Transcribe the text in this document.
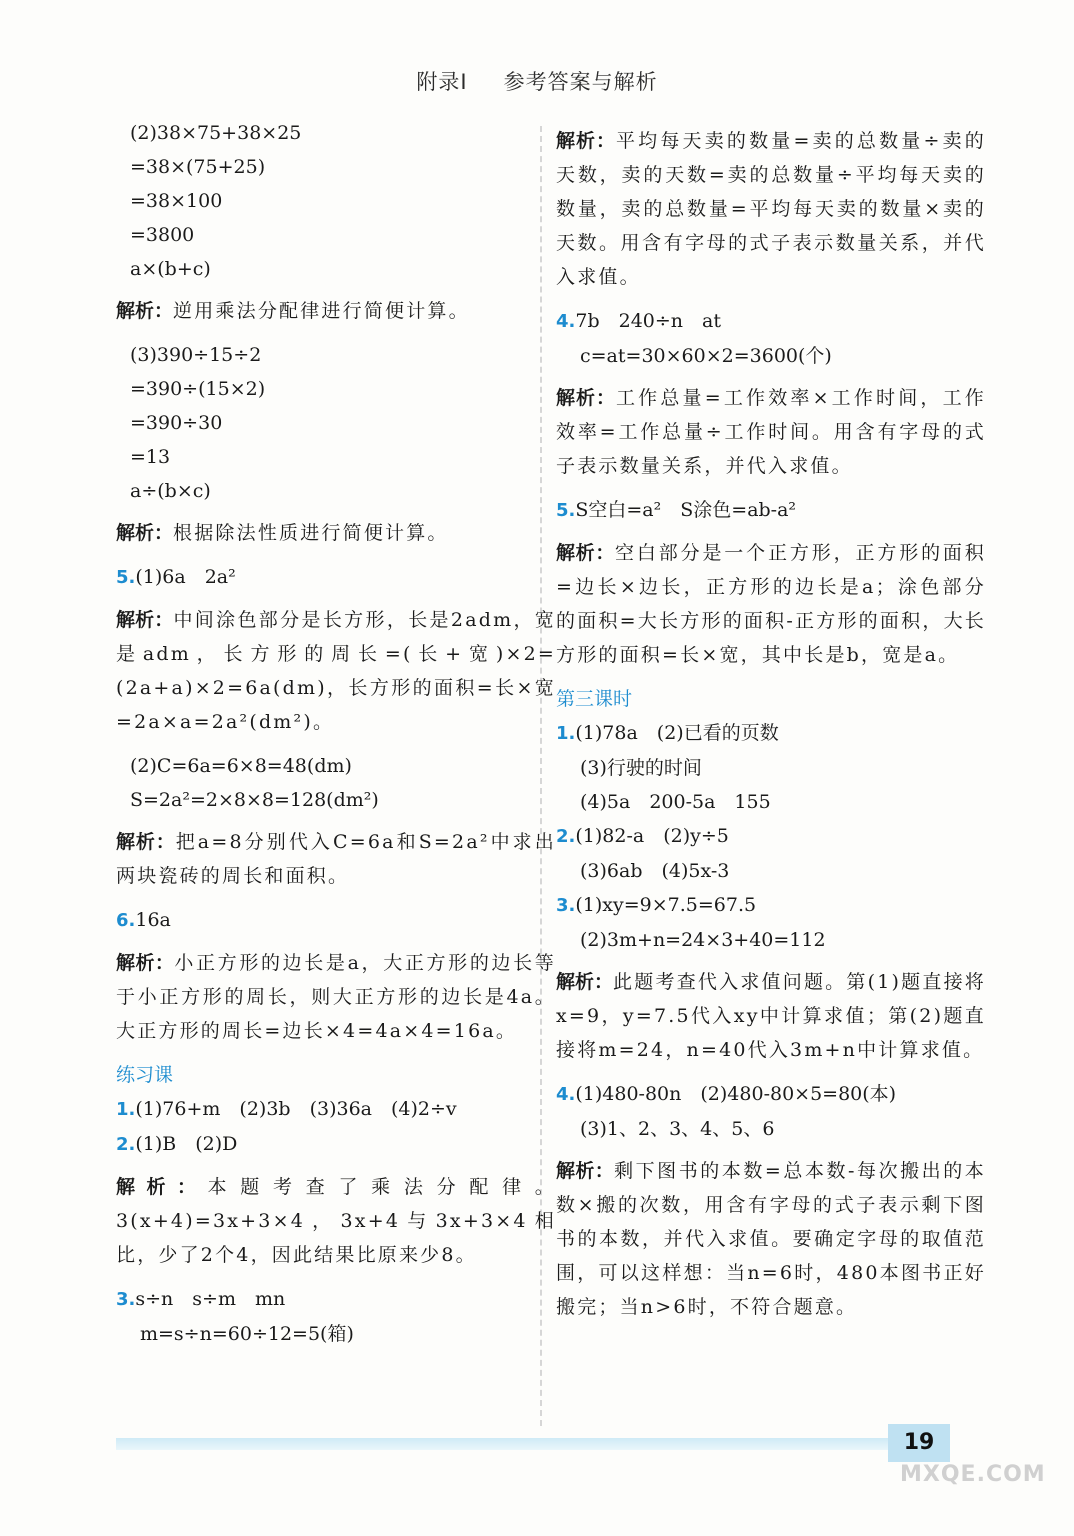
附录Ⅰ 参考答案与解析
(2)38×75+38×25
=38×(75+25)
=38×100
=3800
a×(b+c)
解析：逆用乘法分配律进行简便计算。
(3)390÷15÷2
=390÷(15×2)
=390÷30
=13
a÷(b×c)
解析：根据除法性质进行简便计算。
5.(1)6a　2a²
解析：中间涂色部分是长方形，长是2adm，宽是adm，长方形的周长=(长+宽)×2=(2a+a)×2=6a(dm)，长方形的面积=长×宽=2a×a=2a²(dm²)。
(2)C=6a=6×8=48(dm)
S=2a²=2×8×8=128(dm²)
解析：把a=8分别代入C=6a和S=2a²中求出两块瓷砖的周长和面积。
6.16a
解析：小正方形的边长是a，大正方形的边长等于小正方形的周长，则大正方形的边长是4a。大正方形的周长=边长×4=4a×4=16a。
练习课
1.(1)76+m　(2)3b　(3)36a　(4)2÷v
2.(1)B　(2)D
解析：本题考查了乘法分配律。3(x+4)=3x+3×4，3x+4与3x+3×4相比，少了2个4，因此结果比原来少8。
3.s÷n　s÷m　mn
m=s÷n=60÷12=5(箱)
解析：平均每天卖的数量=卖的总数量÷卖的天数，卖的天数=卖的总数量÷平均每天卖的数量，卖的总数量=平均每天卖的数量×卖的天数。用含有字母的式子表示数量关系，并代入求值。
4.7b　240÷n　at
c=at=30×60×2=3600(个)
解析：工作总量=工作效率×工作时间，工作效率=工作总量÷工作时间。用含有字母的式子表示数量关系，并代入求值。
5.S空白=a²　S涂色=ab-a²
解析：空白部分是一个正方形，正方形的面积=边长×边长，正方形的边长是a；涂色部分的面积=大长方形的面积-正方形的面积，大长方形的面积=长×宽，其中长是b，宽是a。
第三课时
1.(1)78a　(2)已看的页数
(3)行驶的时间
(4)5a　200-5a　155
2.(1)82-a　(2)y÷5
(3)6ab　(4)5x-3
3.(1)xy=9×7.5=67.5
(2)3m+n=24×3+40=112
解析：此题考查代入求值问题。第(1)题直接将x=9，y=7.5代入xy中计算求值；第(2)题直接将m=24，n=40代入3m+n中计算求值。
4.(1)480-80n　(2)480-80×5=80(本)
(3)1、2、3、4、5、6
解析：剩下图书的本数=总本数-每次搬出的本数×搬的次数，用含有字母的式子表示剩下图书的本数，并代入求值。要确定字母的取值范围，可以这样想：当n=6时，480本图书正好搬完；当n>6时，不符合题意。
19
MXQE.COM
